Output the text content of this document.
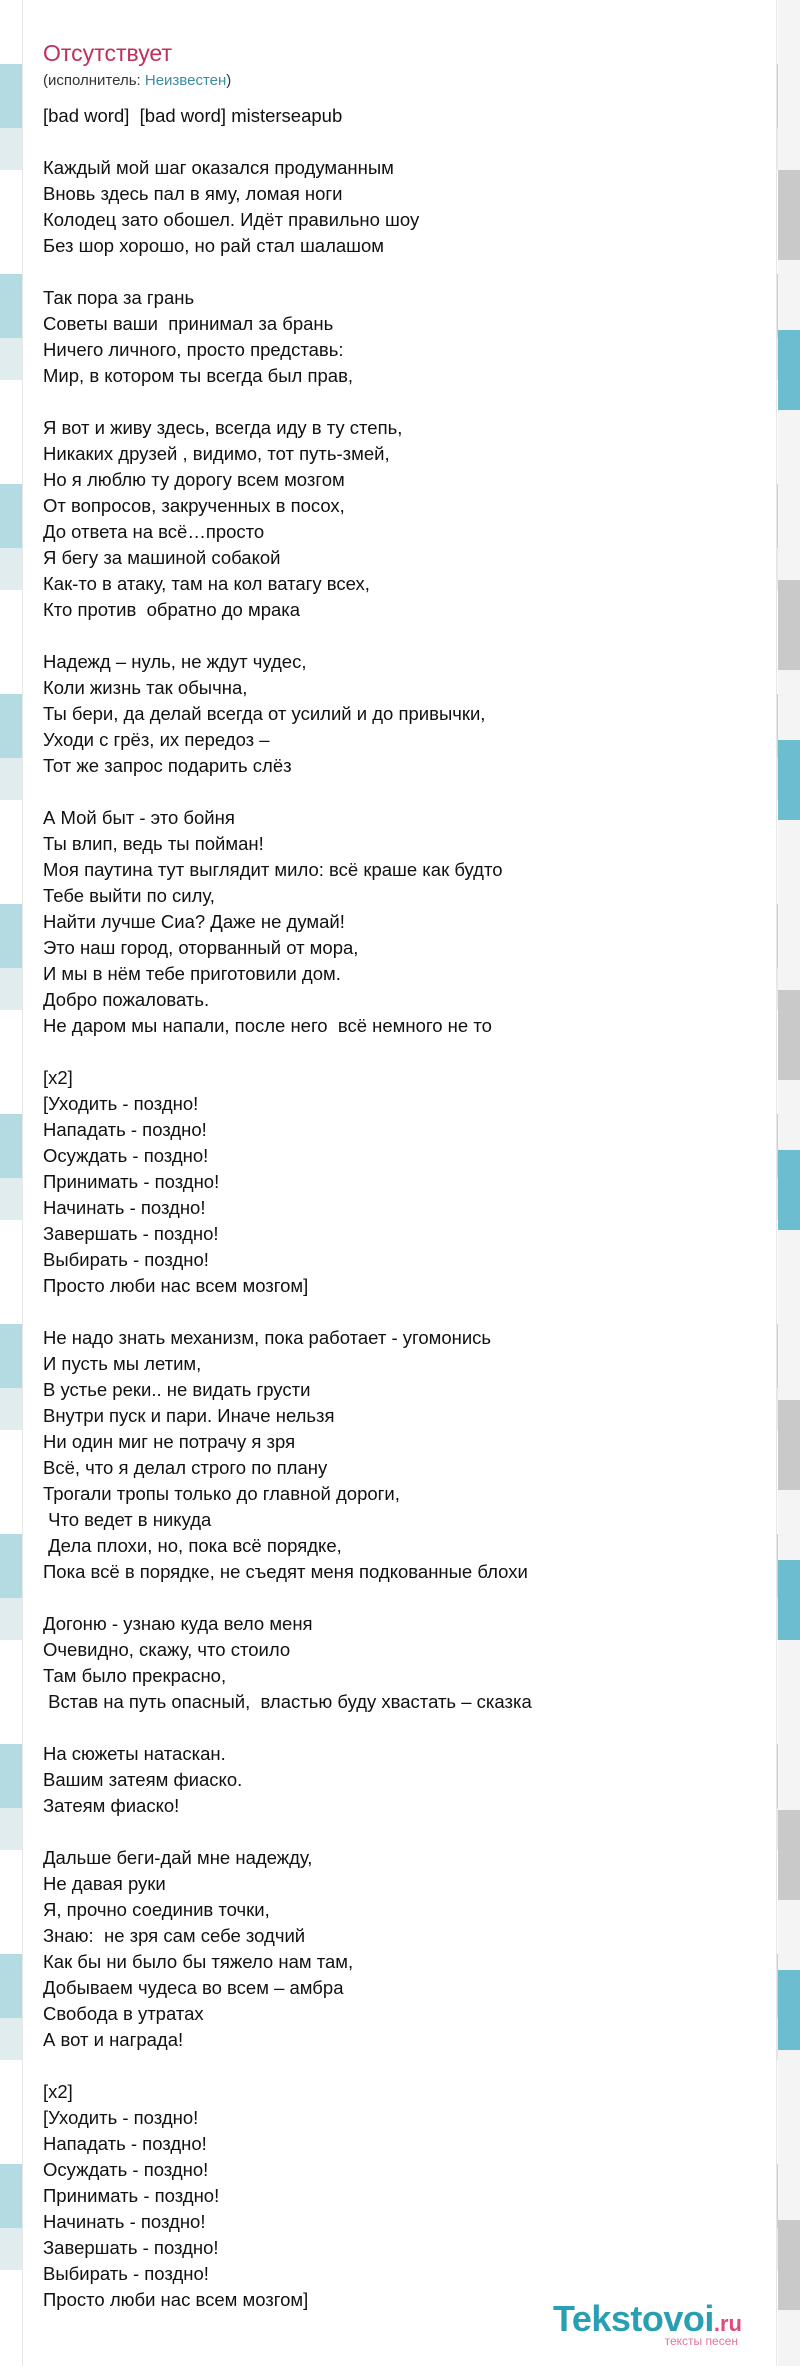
Отсутствует
(исполнитель: Неизвестен)
[bad word]  [bad word] misterseapub

Каждый мой шаг оказался продуманным
Вновь здесь пал в яму, ломая ноги
Колодец зато обошел. Идёт правильно шоу
Без шор хорошо, но рай стал шалашом

Так пора за грань
Советы ваши  принимал за брань
Ничего личного, просто представь:
Мир, в котором ты всегда был прав,

Я вот и живу здесь, всегда иду в ту степь,
Никаких друзей , видимо, тот путь-змей,
Но я люблю ту дорогу всем мозгом
От вопросов, закрученных в посох,
До ответа на всё…просто
Я бегу за машиной собакой
Как-то в атаку, там на кол ватагу всех,
Кто против  обратно до мрака

Надежд – нуль, не ждут чудес,
Коли жизнь так обычна,
Ты бери, да делай всегда от усилий и до привычки,
Уходи с грёз, их передоз –
Тот же запрос подарить слёз

А Мой быт - это бойня
Ты влип, ведь ты пойман!
Моя паутина тут выглядит мило: всё краше как будто
Тебе выйти по силу,
Найти лучше Сиа? Даже не думай!
Это наш город, оторванный от мора,
И мы в нём тебе приготовили дом.
Добро пожаловать.
Не даром мы напали, после него  всё немного не то

[x2]
[Уходить - поздно!
Нападать - поздно!
Осуждать - поздно!
Принимать - поздно!
Начинать - поздно!
Завершать - поздно!
Выбирать - поздно!
Просто люби нас всем мозгом]

Не надо знать механизм, пока работает - угомонись
И пусть мы летим,
В устье реки.. не видать грусти
Внутри пуск и пари. Иначе нельзя
Ни один миг не потрачу я зря
Всё, что я делал строго по плану
Трогали тропы только до главной дороги,
Что ведет в никуда
Дела плохи, но, пока всё порядке,
Пока всё в порядке, не съедят меня подкованные блохи

Догоню - узнаю куда вело меня
Очевидно, скажу, что стоило
Там было прекрасно,
Встав на путь опасный,  властью буду хвастать – сказка

На сюжеты натаскан.
Вашим затеям фиаско.
Затеям фиаско!

Дальше беги-дай мне надежду,
Не давая руки
Я, прочно соединив точки,
Знаю:  не зря сам себе зодчий
Как бы ни было бы тяжело нам там,
Добываем чудеса во всем – амбра
Свобода в утратах
А вот и награда!

[x2]
[Уходить - поздно!
Нападать - поздно!
Осуждать - поздно!
Принимать - поздно!
Начинать - поздно!
Завершать - поздно!
Выбирать - поздно!
Просто люби нас всем мозгом]	Tekstovoi.ru
тексты песен
